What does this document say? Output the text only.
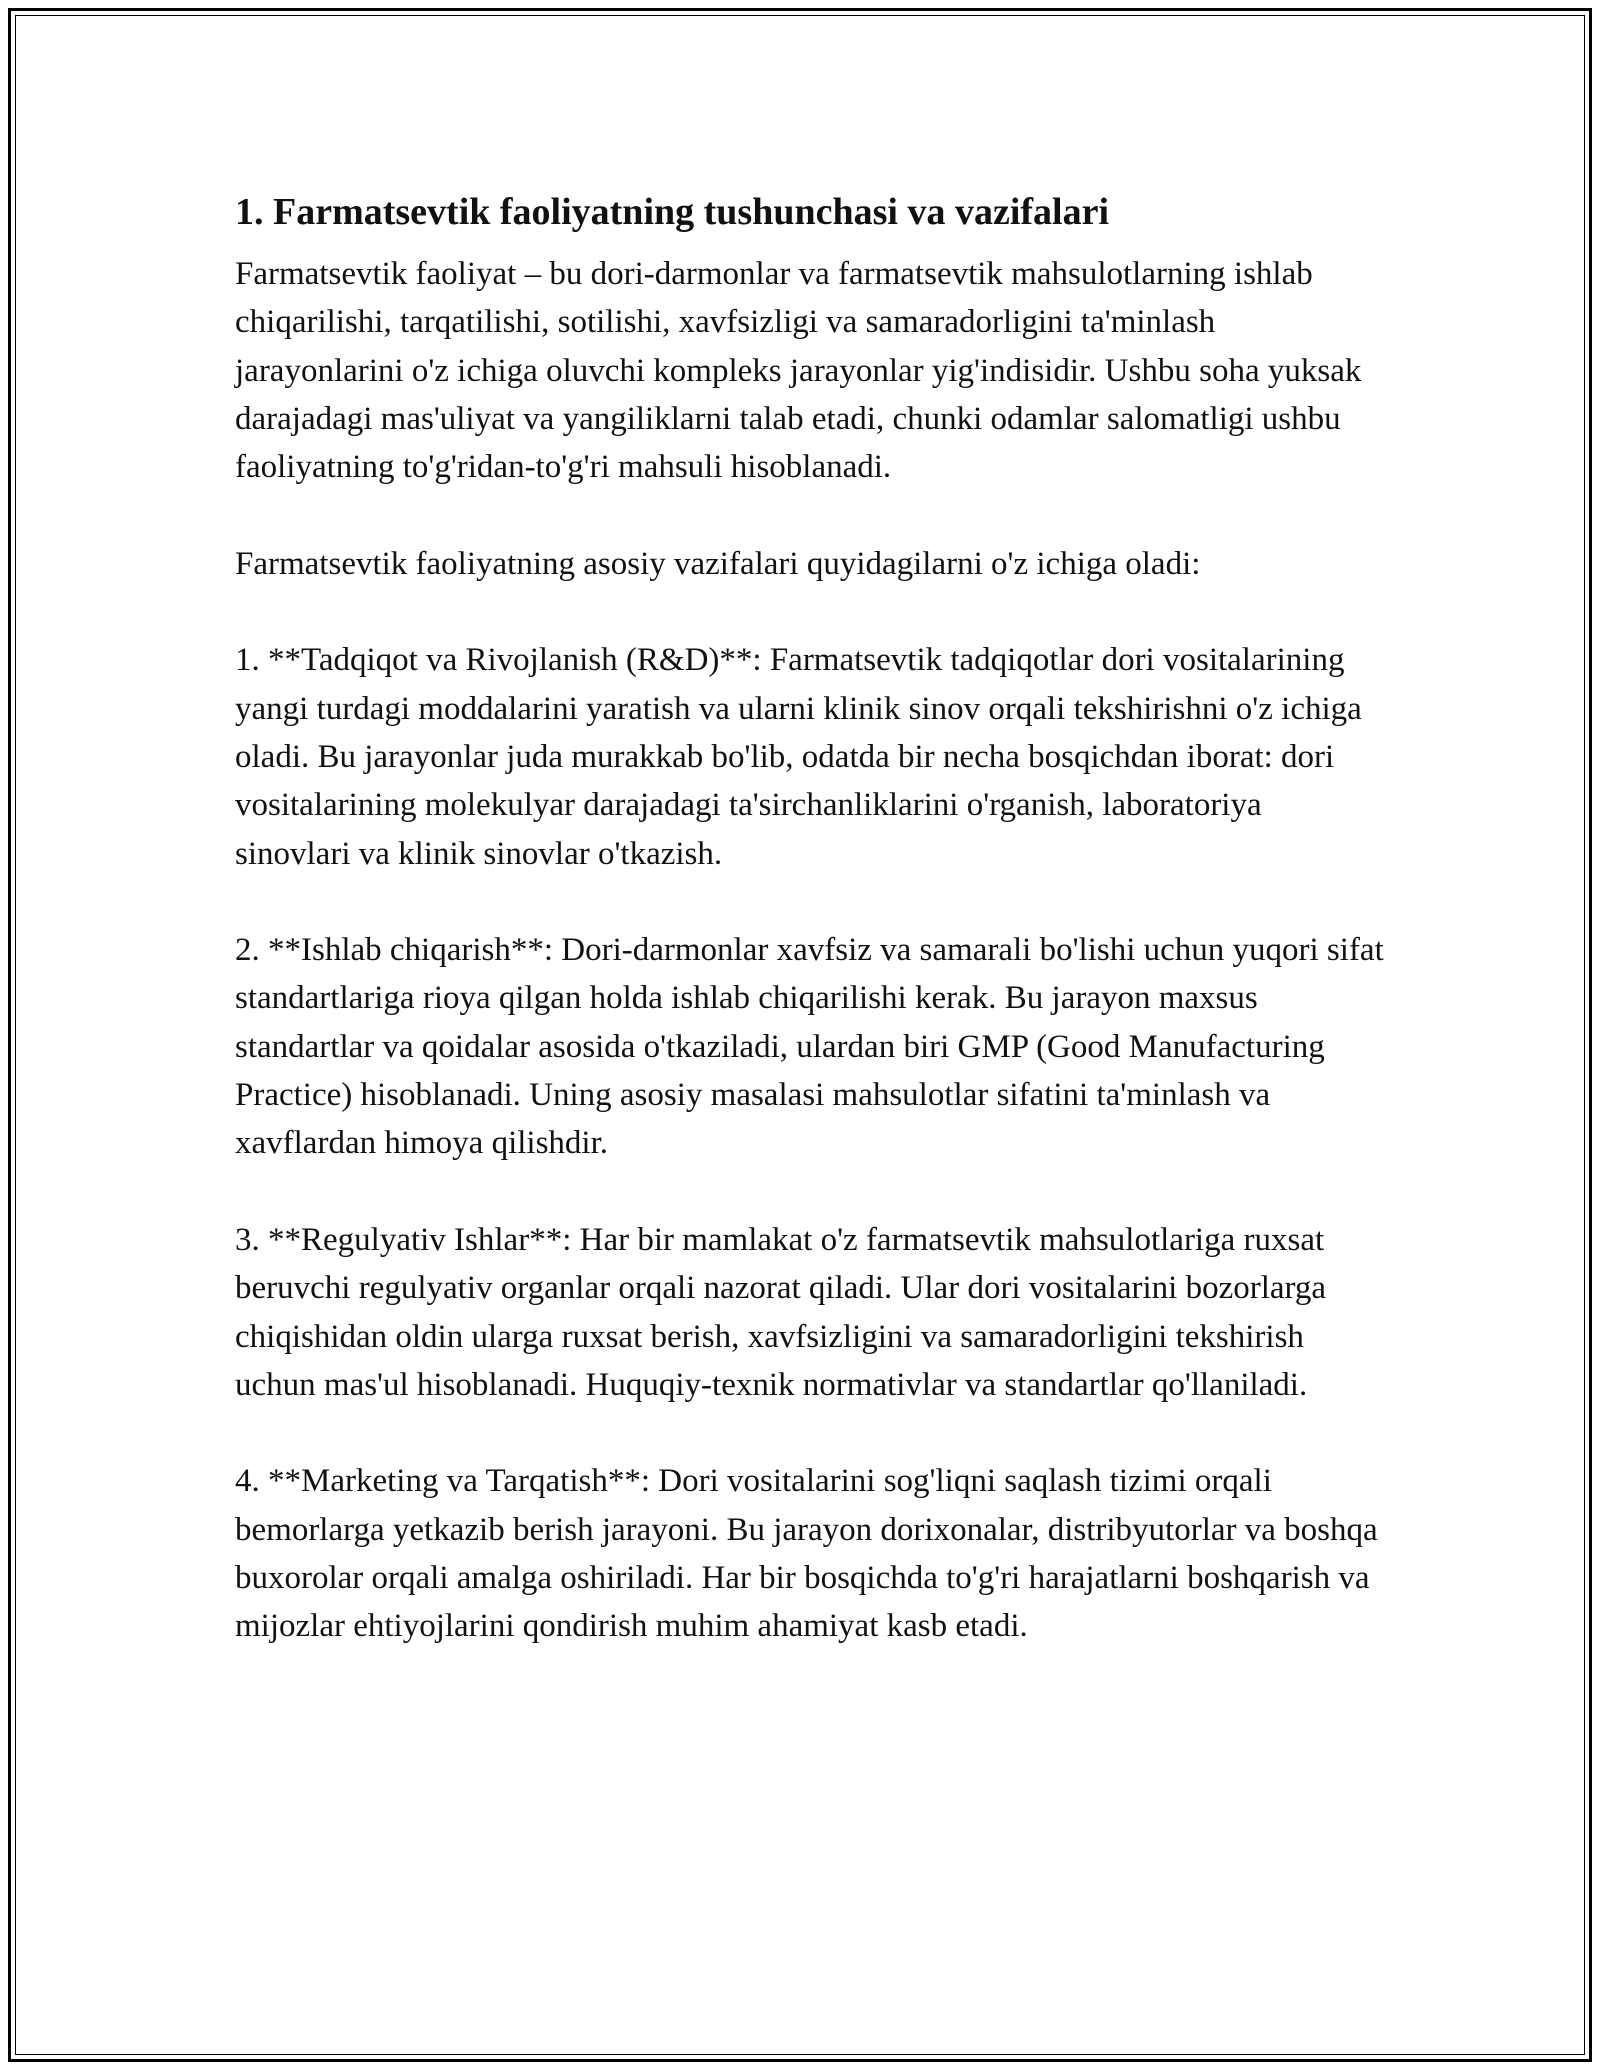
1. Farmatsevtik faoliyatning tushunchasi va vazifalari

Farmatsevtik faoliyat – bu dori-darmonlar va farmatsevtik mahsulotlarning ishlab chiqarilishi, tarqatilishi, sotilishi, xavfsizligi va samaradorligini ta'minlash jarayonlarini o'z ichiga oluvchi kompleks jarayonlar yig'indisidir. Ushbu soha yuksak darajadagi mas'uliyat va yangiliklarni talab etadi, chunki odamlar salomatligi ushbu faoliyatning to'g'ridan-to'g'ri mahsuli hisoblanadi.

Farmatsevtik faoliyatning asosiy vazifalari quyidagilarni o'z ichiga oladi:

1. **Tadqiqot va Rivojlanish (R&D)**: Farmatsevtik tadqiqotlar dori vositalarining yangi turdagi moddalarini yaratish va ularni klinik sinov orqali tekshirishni o'z ichiga oladi. Bu jarayonlar juda murakkab bo'lib, odatda bir necha bosqichdan iborat: dori vositalarining molekulyar darajadagi ta'sirchanliklarini o'rganish, laboratoriya sinovlari va klinik sinovlar o'tkazish.

2. **Ishlab chiqarish**: Dori-darmonlar xavfsiz va samarali bo'lishi uchun yuqori sifat standartlariga rioya qilgan holda ishlab chiqarilishi kerak. Bu jarayon maxsus standartlar va qoidalar asosida o'tkaziladi, ulardan biri GMP (Good Manufacturing Practice) hisoblanadi. Uning asosiy masalasi mahsulotlar sifatini ta'minlash va xavflardan himoya qilishdir.

3. **Regulyativ Ishlar**: Har bir mamlakat o'z farmatsevtik mahsulotlariga ruxsat beruvchi regulyativ organlar orqali nazorat qiladi. Ular dori vositalarini bozorlarga chiqishidan oldin ularga ruxsat berish, xavfsizligini va samaradorligini tekshirish uchun mas'ul hisoblanadi. Huquqiy-texnik normativlar va standartlar qo'llaniladi.

4. **Marketing va Tarqatish**: Dori vositalarini sog'liqni saqlash tizimi orqali bemorlarga yetkazib berish jarayoni. Bu jarayon dorixonalar, distribyutorlar va boshqa buxorolar orqali amalga oshiriladi. Har bir bosqichda to'g'ri harajatlarni boshqarish va mijozlar ehtiyojlarini qondirish muhim ahamiyat kasb etadi.
